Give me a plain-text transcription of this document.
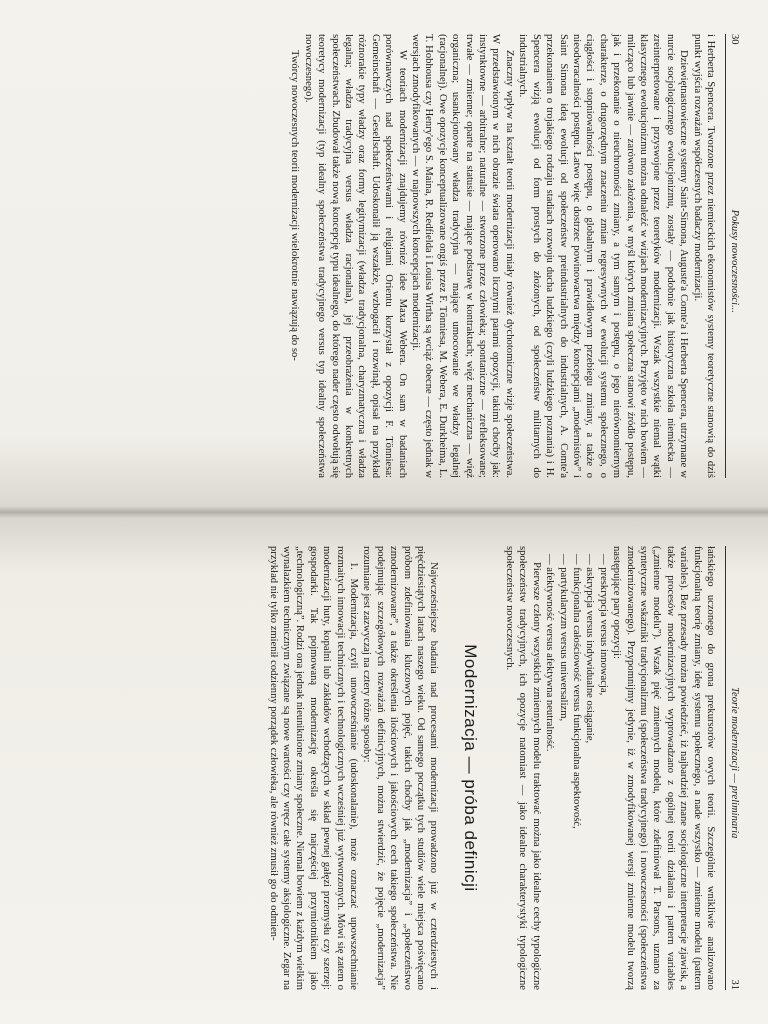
30
Pokusy nowoczesności...

i Herberta Spencera. Tworzone przez niemieckich ekonomistów systemy teoretyczne stanowią do dziś punkt wyjścia rozważań współczesnych badaczy modernizacji.

Dziewiętnastowieczne systemy Saint-Simona, Auguste'a Comte'a i Herberta Spencera, utrzymane w nurcie socjologicznego ewolucjonizmu, zostały — podobnie jak historyczna szkoła niemiecka — zreinterpretowane i przyswojone przez teoretyków modernizacji. Wszak wszystkie niemal wątki klasycznego ewolucjonizmu można odnaleźć w wizjach modernizacyjnych. Przyjęto w nich bowiem — milcząco lub jawnie — zarówno założenia, w myśl których zmiana społeczna stanowi źródło postępu, jak i przekonanie o nieuchronności zmiany, a tym samym i postępu, o jego nierównomiernym charakterze, o drugorzędnym znaczeniu zmian regresywnych w ewolucji systemu społecznego, o ciągłości i stopniowalności postępu, o globalnym i prawidłowym przebiegu zmiany, a także o nieodwracalności postępu. Łatwo więc dostrzec powinowactwa między koncepcjami „modernistów” i Saint Simona ideą ewolucji od społeczeństw preindustrialnych do industrialnych, A. Comte'a przekonaniem o trojakiego rodzaju stadiach rozwoju ducha ludzkiego (czyli ludzkiego poznania) i H. Spencera wizją ewolucji od form prostych do złożonych, od społeczeństw militarnych do industrialnych.

Znaczny wpływ na kształt teorii modernizacji miały również dychotomiczne wizje społeczeństwa. W przedstawionym w nich obrazie świata operowano licznymi parami opozycji, takimi choćby jak: instynktowne — arbitralne; naturalne — stworzone przez człowieka; spontaniczne — zrefleksowane; trwałe — zmienne; oparte na statusie — mające podstawę w kontraktach; więź mechaniczna — więź organiczna; usankcjonowany władza tradycyjna — mające umocowanie we władzy legalnej (racjonalnej). Owe opozycje konceptualizowane ongiś przez F. Tönniesa, M. Webera, E. Durkheima, L. T. Hobhousa czy Henry'ego S. Maina, R. Redfielda i Louisa Wirtha są wciąż obecne — często jednak w wersjach zmodyfikowanych — w najnowszych koncepcjach modernizacji.

W teoriach modernizacji znajdujemy również idee Maxa Webera. On sam w badaniach porównawczych nad społeczeństwami i religiami Orientu korzystał z opozycji F. Tönniesa: Gemeinschaft — Gesellschaft. Udoskonalił ją wszakże, wzbogacił i rozwinął, opisał na przykład różnorakie typy władzy oraz formy legitymizacji (władza tradycjonalna, charyzmatyczna i władza legalna; władza tradycyjna versus władza racjonalna), jej przeobrażenia w konkretnych społeczeństwach. Zbudował także nową koncepcję typu idealnego, do którego nader często odwołują się teoretycy modernizacji (typ idealny społeczeństwa tradycyjnego versus typ idealny społeczeństwa nowoczesnego).

Twórcy nowoczesnych teorii modernizacji wielokrotnie nawiązują do so-

Teorie modernizacji — preliminaria
31

łańskiego uczonego do grona prekursorów owych teorii. Szczególnie wnikliwie analizowano funkcjonalną teorię zmiany, ideę systemu społecznego, a nade wszystko — zmienne modelu (pattern variables). Bez przesady można powiedzieć, iż najbardziej znane socjologiczne interpretacje zjawisk, a także procesów modernizacyjnych wyprowadzano z ogólnej teorii działania i pattern variables („zmienne modelu”). Wszak pięć zmiennych modelu, które zdefiniował T. Parsons, uznano za syntetyczne wskaźniki tradycjonalizmu (społeczeństwa tradycyjnego) i nowoczesności (społeczeństwa zmodernizowanego). Przypomnijmy jedynie, iż w zmodyfikowanej wersji zmienne modelu tworzą następujące pary opozycji:

— preskrypcja versus innowacja,
— askrypcja versus indywidualne osiąganie,
— funkcjonalna całościowość versus funkcjonalna aspektowość,
— partykularyzm versus uniwersalizm,
— afektywność versus afektywna neutralność.

Pierwsze człony wszystkich zmiennych modelu traktować można jako idealne cechy typologiczne społeczeństw tradycyjnych, ich opozycje natomiast — jako idealne charakterystyki typologiczne społeczeństw nowoczesnych.

Modernizacja — próba definicji

Najwcześniejsze badania nad procesami modernizacji prowadzono już w czterdziestych i pięćdziesiątych latach naszego wieku. Od samego początku tych studiów wiele miejsca poświęcano próbom zdefiniowania kluczowych pojęć, takich choćby jak „modernizacja” i „społeczeństwo zmodernizowane”, a także określenia ilościowych i jakościowych cech takiego społeczeństwa. Nie podejmując szczegółowych rozważań definicyjnych, można stwierdzić, że pojęcie „modernizacja” rozumiane jest zazwyczaj na cztery różne sposoby:

1. Modernizacja, czyli unowocześnianie (udoskonalanie), może oznaczać upowszechnianie rozmaitych innowacji technicznych i technologicznych wcześniej już wytworzonych. Mówi się zatem o modernizacji huty, kopalni lub zakładów wchodzących w skład pewnej gałęzi przemysłu czy szerzej: gospodarki. Tak pojmowaną modernizację określa się najczęściej przymiotnikiem jako „technologiczną”. Rodzi ona jednak nieuniknione zmiany społeczne. Niemal bowiem z każdym wielkim wynalazkiem technicznym związane są nowe wartości czy wręcz całe systemy aksjologiczne. Zegar na przykład nie tylko zmienił codzienny porządek człowieka, ale również zmusił go do odmien-
